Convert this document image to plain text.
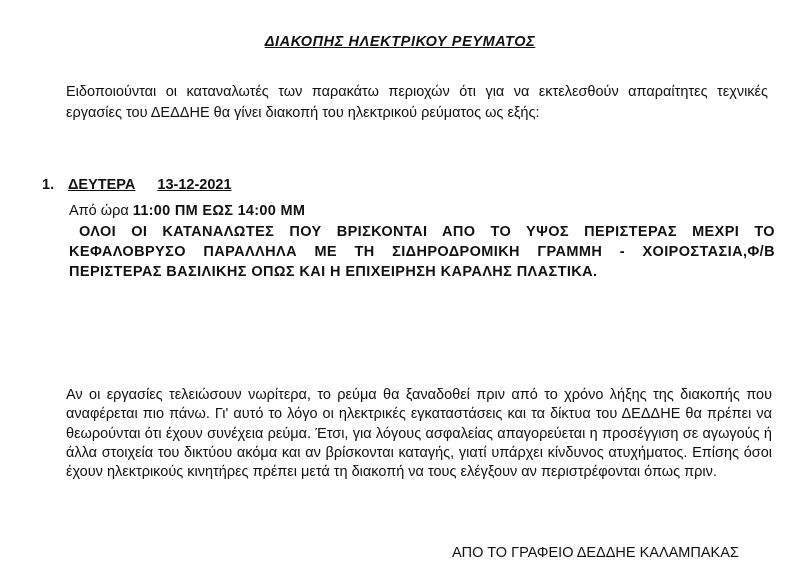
ΔΙΑΚΟΠΗΣ ΗΛΕΚΤΡΙΚΟΥ ΡΕΥΜΑΤΟΣ
Ειδοποιούνται οι καταναλωτές των παρακάτω περιοχών ότι για να εκτελεσθούν απαραίτητες τεχνικές εργασίες του ΔΕΔΔΗΕ θα γίνει διακοπή του ηλεκτρικού ρεύματος ως εξής:
1. ΔΕΥΤΕΡΑ 13-12-2021
Από ώρα 11:00 ΠΜ ΕΩΣ 14:00 ΜΜ
ΟΛΟΙ ΟΙ ΚΑΤΑΝΑΛΩΤΕΣ ΠΟΥ ΒΡΙΣΚΟΝΤΑΙ ΑΠΟ ΤΟ ΥΨΟΣ ΠΕΡΙΣΤΕΡΑΣ ΜΕΧΡΙ ΤΟ ΚΕΦΑΛΟΒΡΥΣΟ ΠΑΡΑΛΛΗΛΑ ΜΕ ΤΗ ΣΙΔΗΡΟΔΡΟΜΙΚΗ ΓΡΑΜΜΗ - ΧΟΙΡΟΣΤΑΣΙΑ,Φ/Β ΠΕΡΙΣΤΕΡΑΣ ΒΑΣΙΛΙΚΗΣ ΟΠΩΣ ΚΑΙ Η ΕΠΙΧΕΙΡΗΣΗ ΚΑΡΑΛΗΣ ΠΛΑΣΤΙΚΑ.
Αν οι εργασίες τελειώσουν νωρίτερα, το ρεύμα θα ξαναδοθεί πριν από το χρόνο λήξης της διακοπής που αναφέρεται πιο πάνω. Γι' αυτό το λόγο οι ηλεκτρικές εγκαταστάσεις και τα δίκτυα του ΔΕΔΔΗΕ θα πρέπει να θεωρούνται ότι έχουν συνέχεια ρεύμα. Έτσι, για λόγους ασφαλείας απαγορεύεται η προσέγγιση σε αγωγούς ή άλλα στοιχεία του δικτύου ακόμα και αν βρίσκονται καταγής, γιατί υπάρχει κίνδυνος ατυχήματος. Επίσης όσοι έχουν ηλεκτρικούς κινητήρες πρέπει μετά τη διακοπή να τους ελέγξουν αν περιστρέφονται όπως πριν.
ΑΠΟ ΤΟ ΓΡΑΦΕΙΟ ΔΕΔΔΗΕ ΚΑΛΑΜΠΑΚΑΣ
